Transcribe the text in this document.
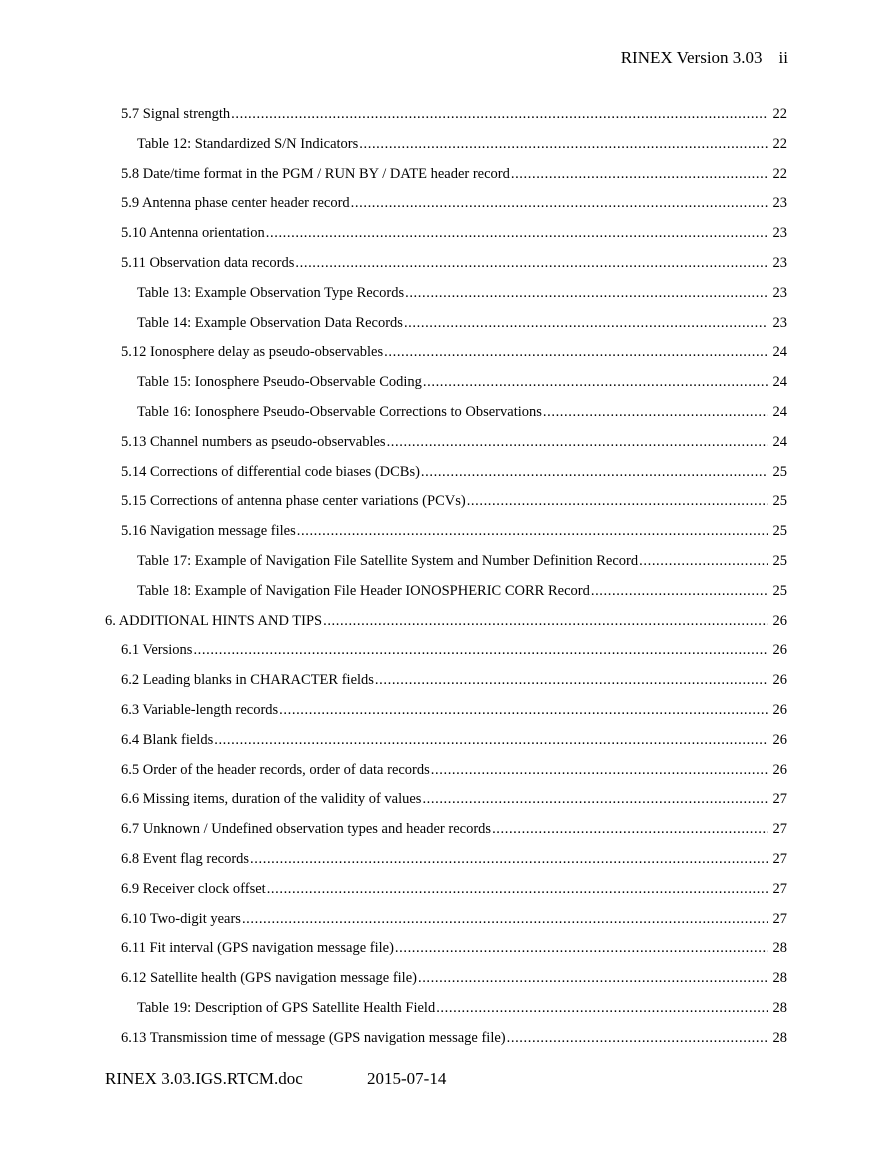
RINEX Version 3.03 ii
5.7 Signal strength .....	22
Table 12: Standardized S/N Indicators .....	22
5.8 Date/time format in the PGM / RUN BY / DATE header record .....	22
5.9 Antenna phase center header record .....	23
5.10 Antenna orientation .....	23
5.11 Observation data records .....	23
Table 13: Example Observation Type Records .....	23
Table 14: Example Observation Data Records .....	23
5.12 Ionosphere delay as pseudo-observables .....	24
Table 15: Ionosphere Pseudo-Observable Coding .....	24
Table 16: Ionosphere Pseudo-Observable Corrections to Observations .....	24
5.13 Channel numbers as pseudo-observables .....	24
5.14 Corrections of differential code biases (DCBs) .....	25
5.15 Corrections of antenna phase center variations (PCVs) .....	25
5.16 Navigation message files .....	25
Table 17: Example of Navigation File Satellite System and Number Definition Record .....	25
Table 18: Example of Navigation File Header IONOSPHERIC CORR Record .....	25
6. ADDITIONAL HINTS AND TIPS .....	26
6.1 Versions .....	26
6.2 Leading blanks in CHARACTER fields .....	26
6.3 Variable-length records .....	26
6.4 Blank fields .....	26
6.5 Order of the header records, order of data records .....	26
6.6 Missing items, duration of the validity of values .....	27
6.7 Unknown / Undefined observation types and header records .....	27
6.8 Event flag records .....	27
6.9 Receiver clock offset .....	27
6.10 Two-digit years .....	27
6.11 Fit interval (GPS navigation message file) .....	28
6.12 Satellite health (GPS navigation message file) .....	28
Table 19: Description of GPS Satellite Health Field .....	28
6.13 Transmission time of message (GPS navigation message file) .....	28
RINEX 3.03.IGS.RTCM.doc	2015-07-14
